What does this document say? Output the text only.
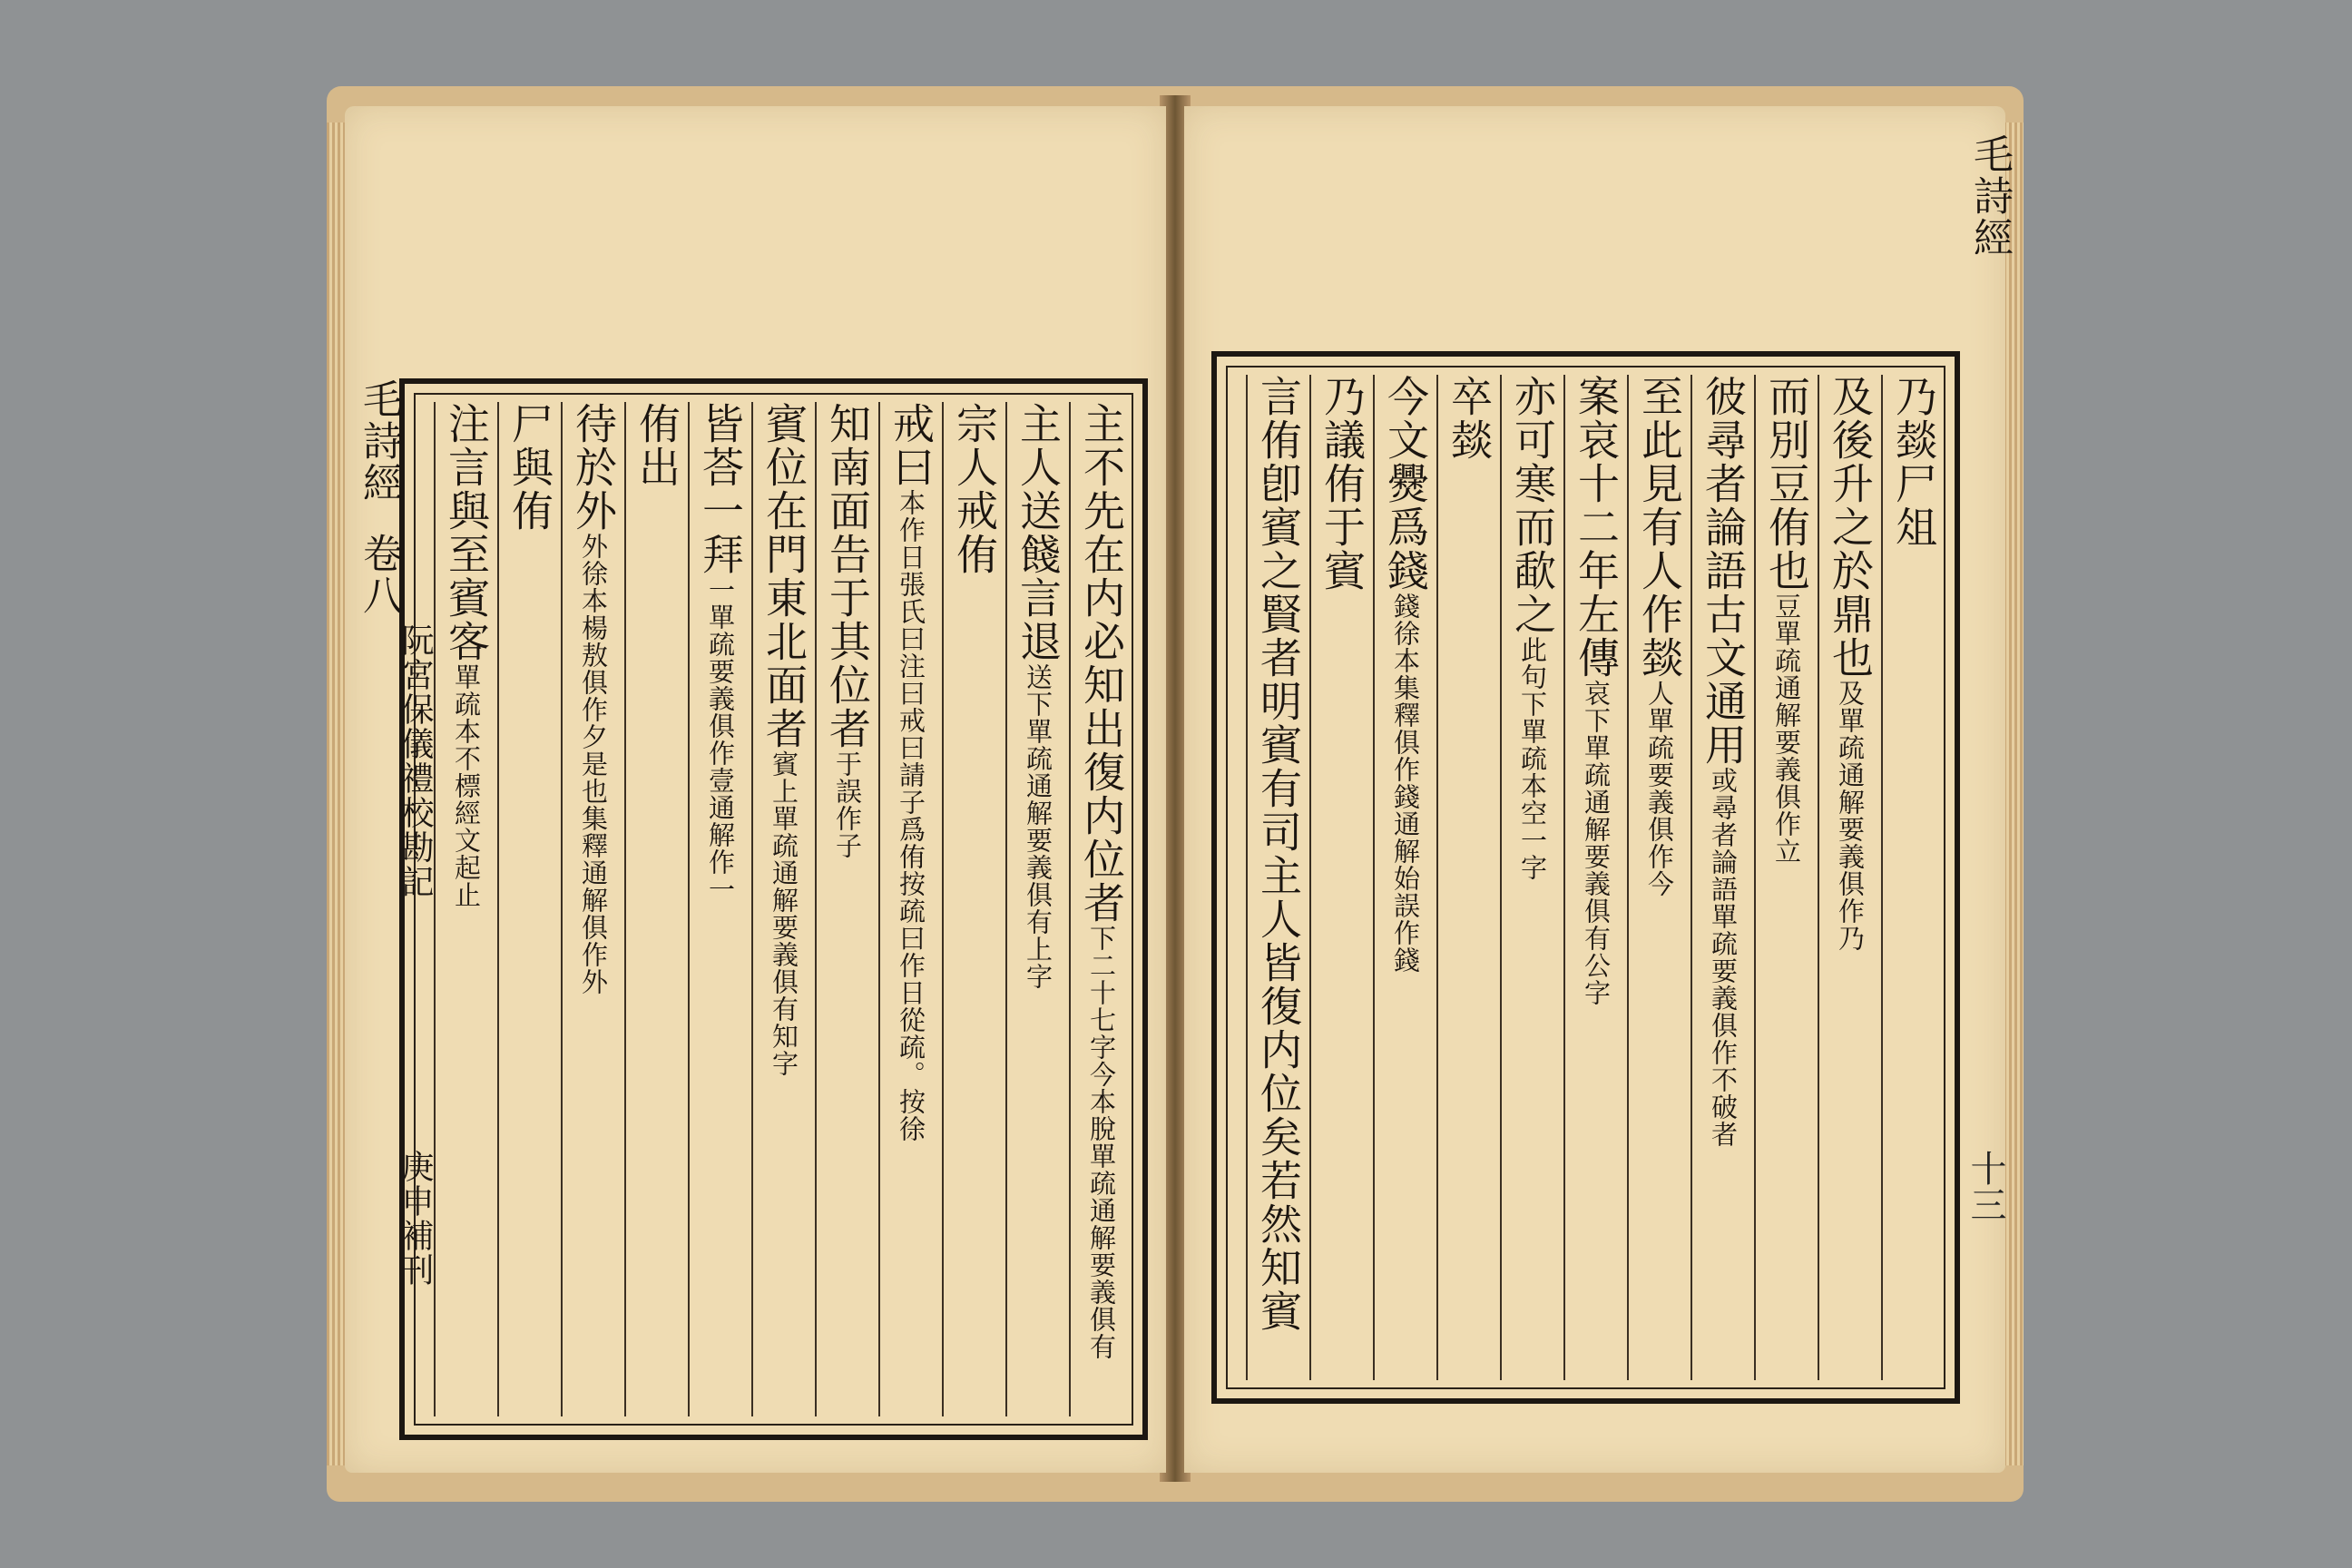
主不先在内必知出復内位者下二十七字今本脫單疏通解要義俱有
主人送餞言退送下單疏通解要義俱有上字
宗人戒侑
戒曰本作日張氏曰注曰戒曰請子爲侑按疏曰作日從疏。按徐
知南面告于其位者于誤作子
賓位在門東北面者賓上單疏通解要義俱有知字
皆荅一拜一單疏要義俱作壹通解作一
侑出
待於外外徐本楊敖俱作夕是也集釋通解俱作外
尸與侑
注言與至賓客單疏本不標經文起止
毛詩經
卷八
阮宮保儀禮校勘記
庚申補刊
乃燅尸俎
及後升之於鼎也及單疏通解要義俱作乃
而別豆侑也豆單疏通解要義俱作立
彼尋者論語古文通用或尋者論語單疏要義俱作不破者
至此見有人作燅人單疏要義俱作今
案哀十二年左傳哀下單疏通解要義俱有公字
亦可寒而歃之此句下單疏本空一字
卒燅
今文㸑爲錢錢徐本集釋俱作錢通解始誤作錢
乃議侑于賓
言侑卽賓之賢者明賓有司主人皆復内位矣若然知賓
毛詩經
十三
